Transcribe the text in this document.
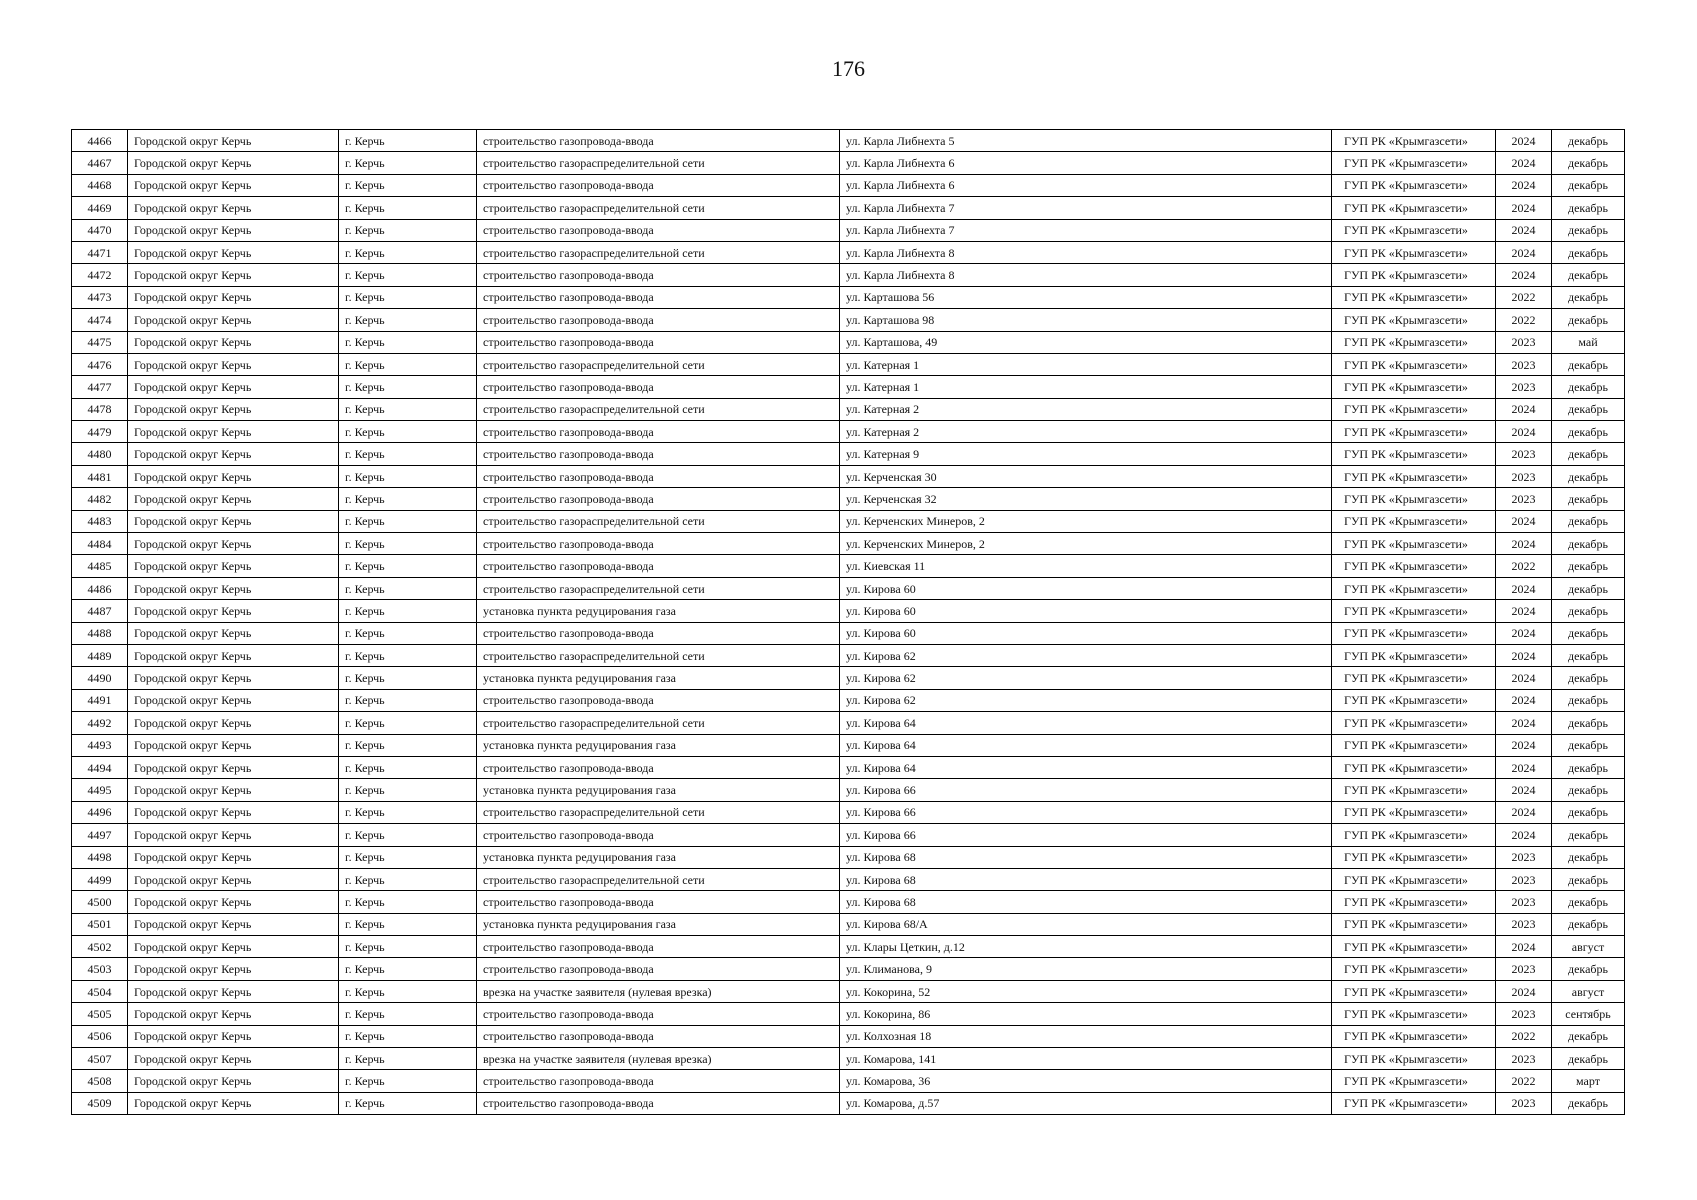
176
4466	Городской округ Керчь	г. Керчь	строительство газопровода-ввода	ул. Карла Либнехта 5	ГУП РК «Крымгазсети»	2024	декабрь
4467	Городской округ Керчь	г. Керчь	строительство газораспределительной сети	ул. Карла Либнехта 6	ГУП РК «Крымгазсети»	2024	декабрь
4468	Городской округ Керчь	г. Керчь	строительство газопровода-ввода	ул. Карла Либнехта 6	ГУП РК «Крымгазсети»	2024	декабрь
4469	Городской округ Керчь	г. Керчь	строительство газораспределительной сети	ул. Карла Либнехта 7	ГУП РК «Крымгазсети»	2024	декабрь
4470	Городской округ Керчь	г. Керчь	строительство газопровода-ввода	ул. Карла Либнехта 7	ГУП РК «Крымгазсети»	2024	декабрь
4471	Городской округ Керчь	г. Керчь	строительство газораспределительной сети	ул. Карла Либнехта 8	ГУП РК «Крымгазсети»	2024	декабрь
4472	Городской округ Керчь	г. Керчь	строительство газопровода-ввода	ул. Карла Либнехта 8	ГУП РК «Крымгазсети»	2024	декабрь
4473	Городской округ Керчь	г. Керчь	строительство газопровода-ввода	ул. Карташова 56	ГУП РК «Крымгазсети»	2022	декабрь
4474	Городской округ Керчь	г. Керчь	строительство газопровода-ввода	ул. Карташова 98	ГУП РК «Крымгазсети»	2022	декабрь
4475	Городской округ Керчь	г. Керчь	строительство газопровода-ввода	ул. Карташова, 49	ГУП РК «Крымгазсети»	2023	май
4476	Городской округ Керчь	г. Керчь	строительство газораспределительной сети	ул. Катерная 1	ГУП РК «Крымгазсети»	2023	декабрь
4477	Городской округ Керчь	г. Керчь	строительство газопровода-ввода	ул. Катерная 1	ГУП РК «Крымгазсети»	2023	декабрь
4478	Городской округ Керчь	г. Керчь	строительство газораспределительной сети	ул. Катерная 2	ГУП РК «Крымгазсети»	2024	декабрь
4479	Городской округ Керчь	г. Керчь	строительство газопровода-ввода	ул. Катерная 2	ГУП РК «Крымгазсети»	2024	декабрь
4480	Городской округ Керчь	г. Керчь	строительство газопровода-ввода	ул. Катерная 9	ГУП РК «Крымгазсети»	2023	декабрь
4481	Городской округ Керчь	г. Керчь	строительство газопровода-ввода	ул. Керченская 30	ГУП РК «Крымгазсети»	2023	декабрь
4482	Городской округ Керчь	г. Керчь	строительство газопровода-ввода	ул. Керченская 32	ГУП РК «Крымгазсети»	2023	декабрь
4483	Городской округ Керчь	г. Керчь	строительство газораспределительной сети	ул. Керченских Минеров, 2	ГУП РК «Крымгазсети»	2024	декабрь
4484	Городской округ Керчь	г. Керчь	строительство газопровода-ввода	ул. Керченских Минеров, 2	ГУП РК «Крымгазсети»	2024	декабрь
4485	Городской округ Керчь	г. Керчь	строительство газопровода-ввода	ул. Киевская 11	ГУП РК «Крымгазсети»	2022	декабрь
4486	Городской округ Керчь	г. Керчь	строительство газораспределительной сети	ул. Кирова 60	ГУП РК «Крымгазсети»	2024	декабрь
4487	Городской округ Керчь	г. Керчь	установка пункта редуцирования газа	ул. Кирова 60	ГУП РК «Крымгазсети»	2024	декабрь
4488	Городской округ Керчь	г. Керчь	строительство газопровода-ввода	ул. Кирова 60	ГУП РК «Крымгазсети»	2024	декабрь
4489	Городской округ Керчь	г. Керчь	строительство газораспределительной сети	ул. Кирова 62	ГУП РК «Крымгазсети»	2024	декабрь
4490	Городской округ Керчь	г. Керчь	установка пункта редуцирования газа	ул. Кирова 62	ГУП РК «Крымгазсети»	2024	декабрь
4491	Городской округ Керчь	г. Керчь	строительство газопровода-ввода	ул. Кирова 62	ГУП РК «Крымгазсети»	2024	декабрь
4492	Городской округ Керчь	г. Керчь	строительство газораспределительной сети	ул. Кирова 64	ГУП РК «Крымгазсети»	2024	декабрь
4493	Городской округ Керчь	г. Керчь	установка пункта редуцирования газа	ул. Кирова 64	ГУП РК «Крымгазсети»	2024	декабрь
4494	Городской округ Керчь	г. Керчь	строительство газопровода-ввода	ул. Кирова 64	ГУП РК «Крымгазсети»	2024	декабрь
4495	Городской округ Керчь	г. Керчь	установка пункта редуцирования газа	ул. Кирова 66	ГУП РК «Крымгазсети»	2024	декабрь
4496	Городской округ Керчь	г. Керчь	строительство газораспределительной сети	ул. Кирова 66	ГУП РК «Крымгазсети»	2024	декабрь
4497	Городской округ Керчь	г. Керчь	строительство газопровода-ввода	ул. Кирова 66	ГУП РК «Крымгазсети»	2024	декабрь
4498	Городской округ Керчь	г. Керчь	установка пункта редуцирования газа	ул. Кирова 68	ГУП РК «Крымгазсети»	2023	декабрь
4499	Городской округ Керчь	г. Керчь	строительство газораспределительной сети	ул. Кирова 68	ГУП РК «Крымгазсети»	2023	декабрь
4500	Городской округ Керчь	г. Керчь	строительство газопровода-ввода	ул. Кирова 68	ГУП РК «Крымгазсети»	2023	декабрь
4501	Городской округ Керчь	г. Керчь	установка пункта редуцирования газа	ул. Кирова 68/А	ГУП РК «Крымгазсети»	2023	декабрь
4502	Городской округ Керчь	г. Керчь	строительство газопровода-ввода	ул. Клары Цеткин, д.12	ГУП РК «Крымгазсети»	2024	август
4503	Городской округ Керчь	г. Керчь	строительство газопровода-ввода	ул. Климанова, 9	ГУП РК «Крымгазсети»	2023	декабрь
4504	Городской округ Керчь	г. Керчь	врезка на участке заявителя (нулевая врезка)	ул. Кокорина, 52	ГУП РК «Крымгазсети»	2024	август
4505	Городской округ Керчь	г. Керчь	строительство газопровода-ввода	ул. Кокорина, 86	ГУП РК «Крымгазсети»	2023	сентябрь
4506	Городской округ Керчь	г. Керчь	строительство газопровода-ввода	ул. Колхозная 18	ГУП РК «Крымгазсети»	2022	декабрь
4507	Городской округ Керчь	г. Керчь	врезка на участке заявителя (нулевая врезка)	ул. Комарова, 141	ГУП РК «Крымгазсети»	2023	декабрь
4508	Городской округ Керчь	г. Керчь	строительство газопровода-ввода	ул. Комарова, 36	ГУП РК «Крымгазсети»	2022	март
4509	Городской округ Керчь	г. Керчь	строительство газопровода-ввода	ул. Комарова, д.57	ГУП РК «Крымгазсети»	2023	декабрь
